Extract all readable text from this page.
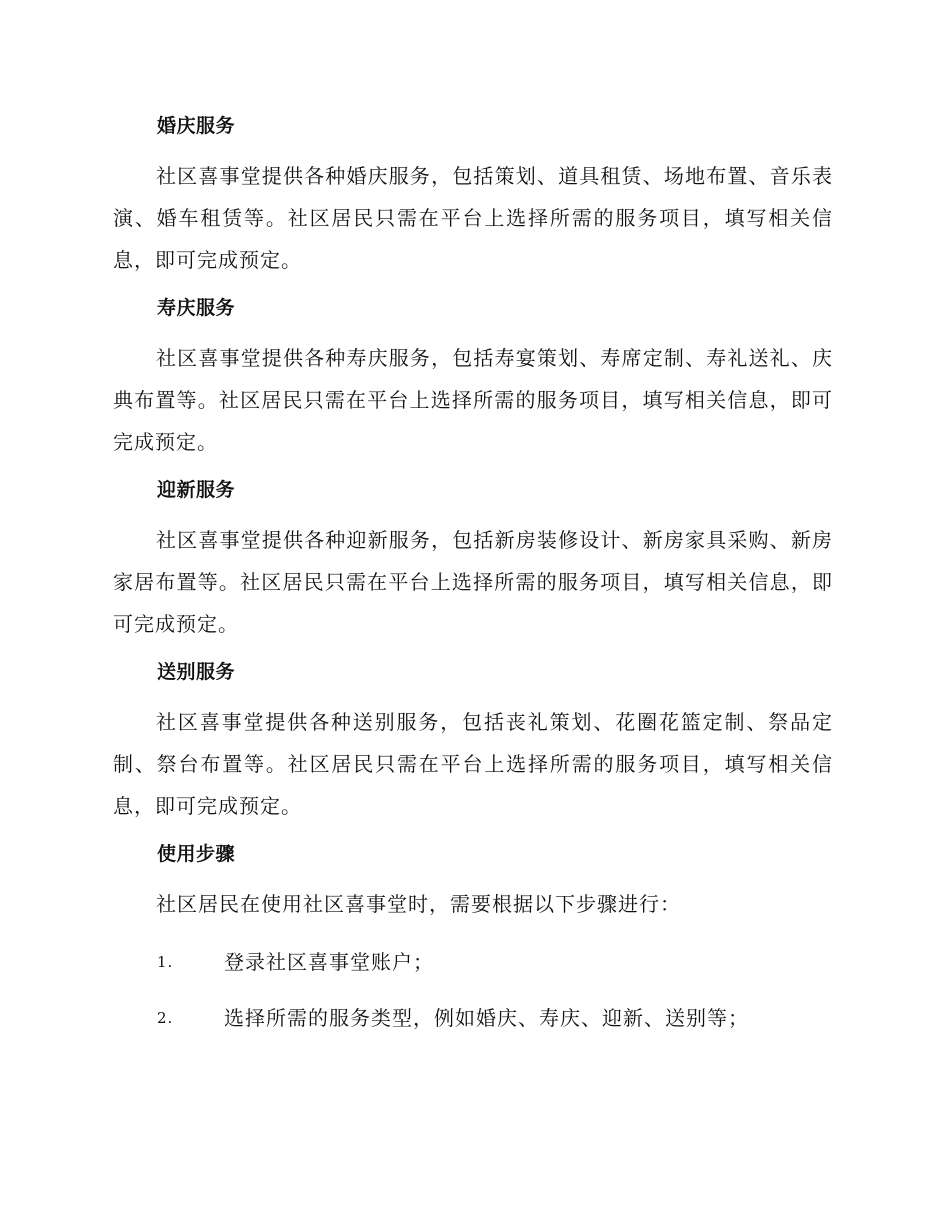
婚庆服务

社区喜事堂提供各种婚庆服务，包括策划、道具租赁、场地布置、音乐表演、婚车租赁等。社区居民只需在平台上选择所需的服务项目，填写相关信息，即可完成预定。

寿庆服务

社区喜事堂提供各种寿庆服务，包括寿宴策划、寿席定制、寿礼送礼、庆典布置等。社区居民只需在平台上选择所需的服务项目，填写相关信息，即可完成预定。

迎新服务

社区喜事堂提供各种迎新服务，包括新房装修设计、新房家具采购、新房家居布置等。社区居民只需在平台上选择所需的服务项目，填写相关信息，即可完成预定。

送别服务

社区喜事堂提供各种送别服务，包括丧礼策划、花圈花篮定制、祭品定制、祭台布置等。社区居民只需在平台上选择所需的服务项目，填写相关信息，即可完成预定。

使用步骤
社区居民在使用社区喜事堂时，需要根据以下步骤进行：
1.	登录社区喜事堂账户；
2.	选择所需的服务类型，例如婚庆、寿庆、迎新、送别等；
